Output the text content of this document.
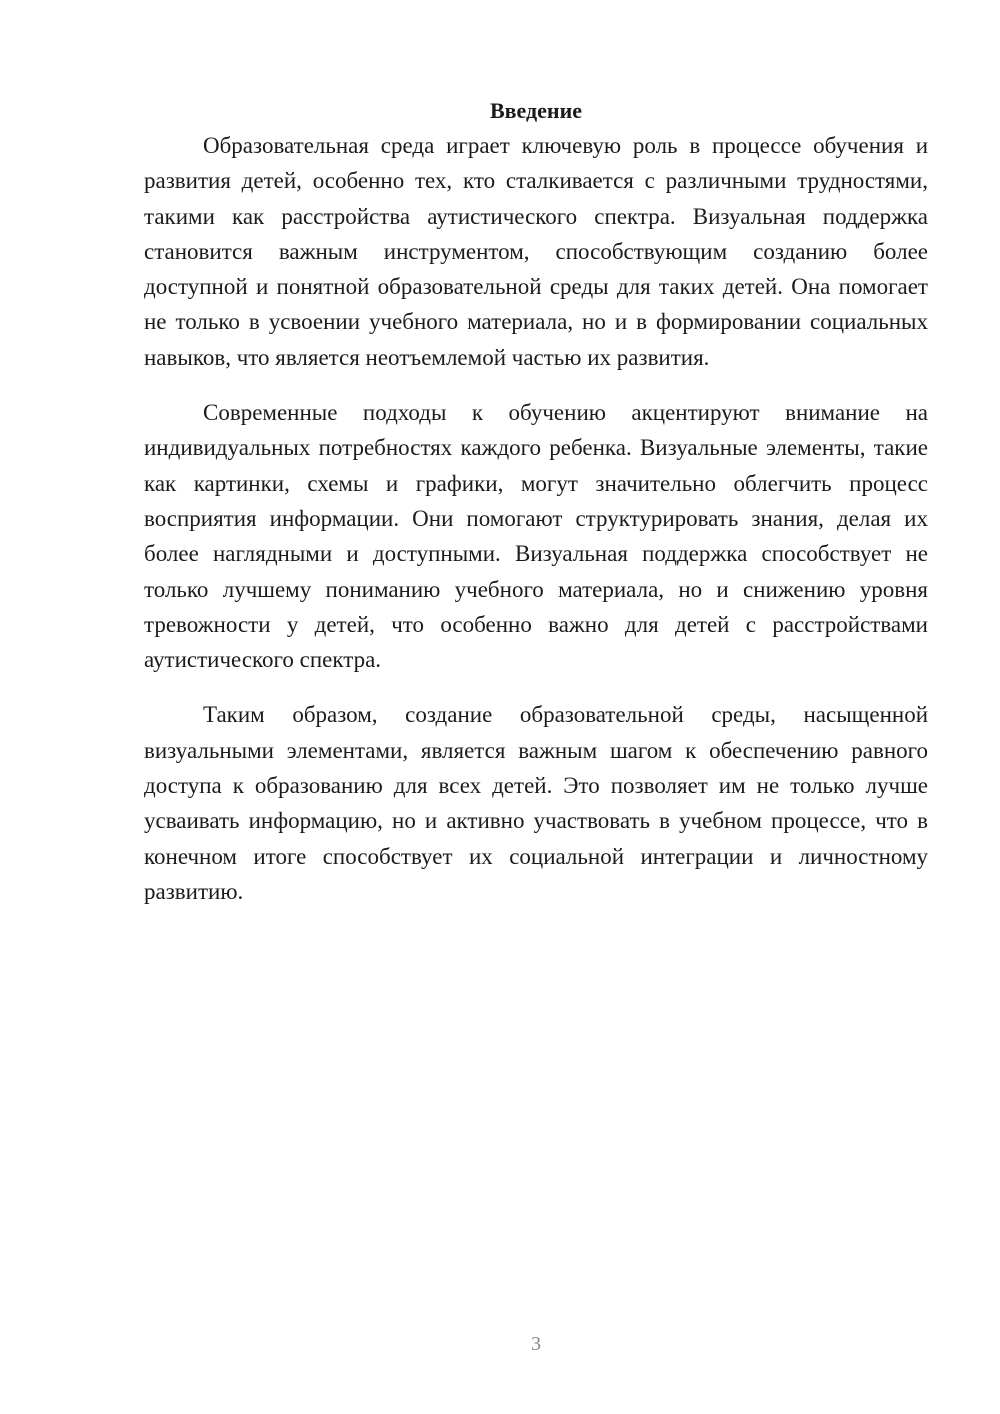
Введение

Образовательная среда играет ключевую роль в процессе обучения и развития детей, особенно тех, кто сталкивается с различными трудностями, такими как расстройства аутистического спектра. Визуальная поддержка становится важным инструментом, способствующим созданию более доступной и понятной образовательной среды для таких детей. Она помогает не только в усвоении учебного материала, но и в формировании социальных навыков, что является неотъемлемой частью их развития.

Современные подходы к обучению акцентируют внимание на индивидуальных потребностях каждого ребенка. Визуальные элементы, такие как картинки, схемы и графики, могут значительно облегчить процесс восприятия информации. Они помогают структурировать знания, делая их более наглядными и доступными. Визуальная поддержка способствует не только лучшему пониманию учебного материала, но и снижению уровня тревожности у детей, что особенно важно для детей с расстройствами аутистического спектра.

Таким образом, создание образовательной среды, насыщенной визуальными элементами, является важным шагом к обеспечению равного доступа к образованию для всех детей. Это позволяет им не только лучше усваивать информацию, но и активно участвовать в учебном процессе, что в конечном итоге способствует их социальной интеграции и личностному развитию.

3
